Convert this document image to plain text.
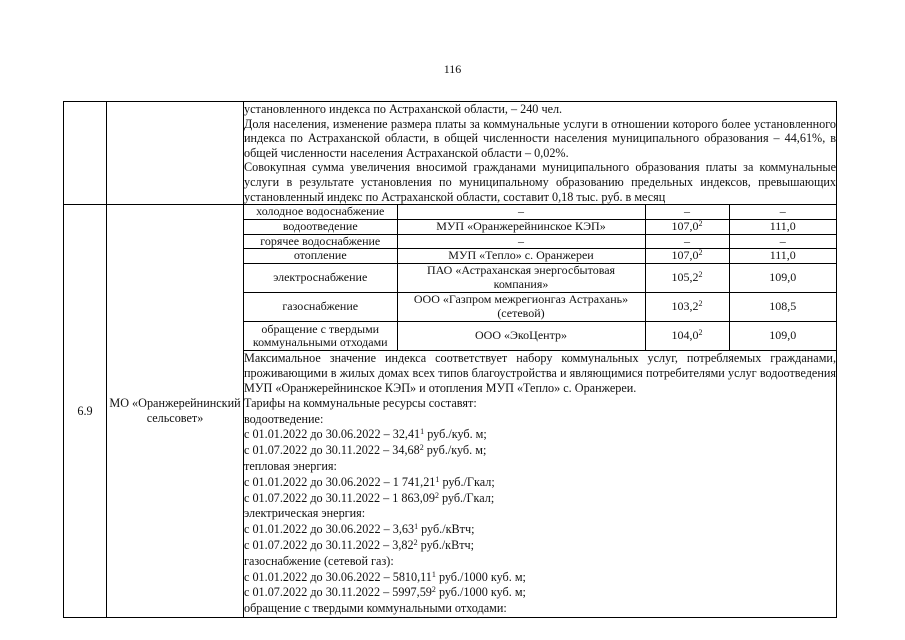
116

установленного индекса по Астраханской области, – 240 чел.

Доля населения, изменение размера платы за коммунальные услуги в отношении которого более установленного индекса по Астраханской области, в общей численности населения муниципального образования – 44,61%, в общей численности населения Астраханской области – 0,02%.

Совокупная сумма увеличения вносимой гражданами муниципального образования платы за коммунальные услуги в результате установления по муниципальному образованию предельных индексов, превышающих установленный индекс по Астраханской области, составит 0,18 тыс. руб. в месяц

6.9	МО «Оранжерейнинский сельсовет»	
холодное водоснабжение	–	–	–
водоотведение	МУП «Оранжерейнинское КЭП»	107,0$^2$	111,0
горячее водоснабжение	–	–	–
отопление	МУП «Тепло» с. Оранжереи	107,0$^2$	111,0
электроснабжение	ПАО «Астраханская энергосбытовая компания»	105,2$^2$	109,0
газоснабжение	ООО «Газпром межрегионгаз Астрахань» (сетевой)	103,2$^2$	108,5
обращение с твердыми коммунальными отходами	ООО «ЭкоЦентр»	104,0$^2$	109,0

Максимальное значение индекса соответствует набору коммунальных услуг, потребляемых гражданами, проживающими в жилых домах всех типов благоустройства и являющимися потребителями услуг водоотведения МУП «Оранжерейнинское КЭП» и отопления МУП «Тепло» с. Оранжереи.
Тарифы на коммунальные ресурсы составят:
водоотведение:
с 01.01.2022 до 30.06.2022 – 32,41$^1$ руб./куб. м;
с 01.07.2022 до 30.11.2022 – 34,68$^2$ руб./куб. м;
тепловая энергия:
с 01.01.2022 до 30.06.2022 – 1 741,21$^1$ руб./Гкал;
с 01.07.2022 до 30.11.2022 – 1 863,09$^2$ руб./Гкал;
электрическая энергия:
с 01.01.2022 до 30.06.2022 – 3,63$^1$ руб./кВтч;
с 01.07.2022 до 30.11.2022 – 3,82$^2$ руб./кВтч;
газоснабжение (сетевой газ):
с 01.01.2022 до 30.06.2022 – 5810,11$^1$ руб./1000 куб. м;
с 01.07.2022 до 30.11.2022 – 5997,59$^2$ руб./1000 куб. м;
обращение с твердыми коммунальными отходами:
